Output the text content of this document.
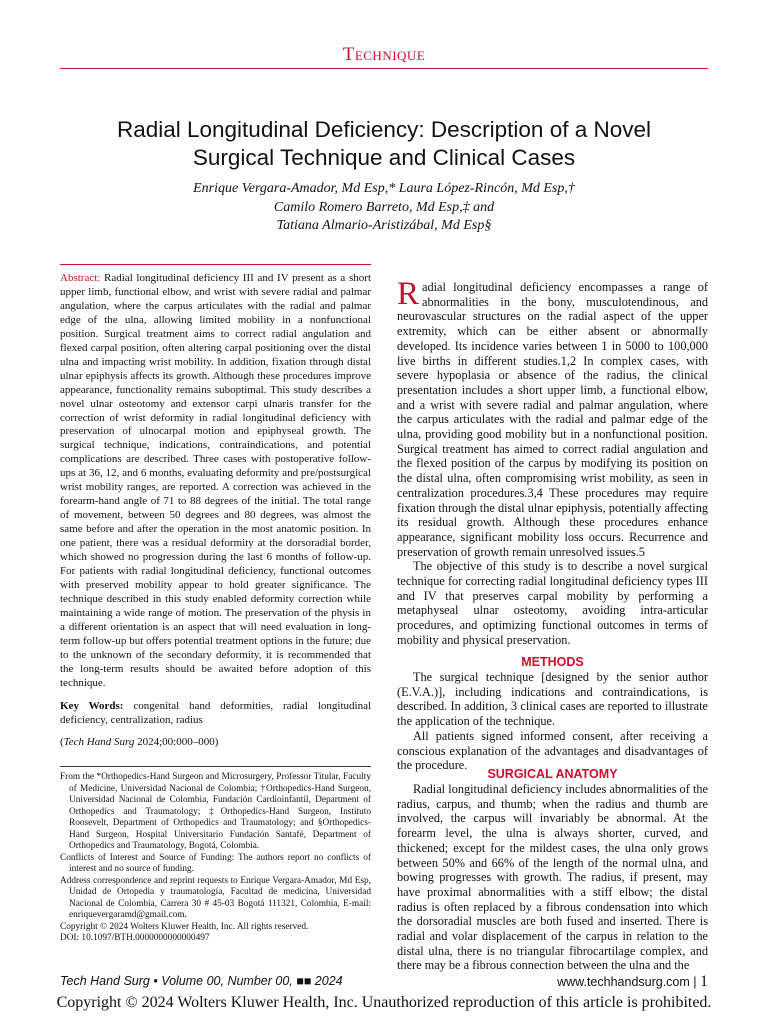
Technique
Radial Longitudinal Deficiency: Description of a Novel
Surgical Technique and Clinical Cases
Enrique Vergara-Amador, Md Esp,* Laura López-Rincón, Md Esp,†
Camilo Romero Barreto, Md Esp,‡ and
Tatiana Almario-Aristizábal, Md Esp§

Abstract: Radial longitudinal deficiency III and IV present as a short upper limb, functional elbow, and wrist with severe radial and palmar angulation, where the carpus articulates with the radial and palmar edge of the ulna, allowing limited mobility in a nonfunctional position. Surgical treatment aims to correct radial angulation and flexed carpal position, often altering carpal positioning over the distal ulna and impacting wrist mobility. In addition, fixation through distal ulnar epiphysis affects its growth. Although these procedures improve appearance, functionality remains suboptimal. This study describes a novel ulnar osteotomy and extensor carpi ulnaris transfer for the correction of wrist deformity in radial longitudinal deficiency with preservation of ulnocarpal motion and epiphyseal growth. The surgical technique, indications, contraindications, and potential complications are described. Three cases with postoperative follow-ups at 36, 12, and 6 months, evaluating deformity and pre/postsurgical wrist mobility ranges, are reported. A correction was achieved in the forearm-hand angle of 71 to 88 degrees of the initial. The total range of movement, between 50 degrees and 80 degrees, was almost the same before and after the operation in the most anatomic position. In one patient, there was a residual deformity at the dorsoradial border, which showed no progression during the last 6 months of follow-up. For patients with radial longitudinal deficiency, functional outcomes with preserved mobility appear to hold greater significance. The technique described in this study enabled deformity correction while maintaining a wide range of motion. The preservation of the physis in a different orientation is an aspect that will need evaluation in long-term follow-up but offers potential treatment options in the future; due to the unknown of the secondary deformity, it is recommended that the long-term results should be awaited before adoption of this technique.

Key Words: congenital hand deformities, radial longitudinal deficiency, centralization, radius

(Tech Hand Surg 2024;00:000–000)

From the *Orthopedics-Hand Surgeon and Microsurgery, Professor Titular, Faculty of Medicine, Universidad Nacional de Colombia; †Orthopedics-Hand Surgeon, Universidad Nacional de Colombia, Fundación Cardioinfantil, Department of Orthopedics and Traumatology; ‡Orthopedics-Hand Surgeon, Instituto Roosevelt, Department of Orthopedics and Traumatology; and §Orthopedics-Hand Surgeon, Hospital Universitario Fundación Santafé, Department of Orthopedics and Traumatology, Bogotá, Colombia.

Conflicts of Interest and Source of Funding: The authors report no conflicts of interest and no source of funding.

Address correspondence and reprint requests to Enrique Vergara-Amador, Md Esp, Unidad de Ortopedia y traumatología, Facultad de medicina, Universidad Nacional de Colombia, Carrera 30 # 45-03 Bogotá 111321, Colombia, E-mail: enriquevergaramd@gmail.com.

Copyright © 2024 Wolters Kluwer Health, Inc. All rights reserved.

DOI: 10.1097/BTH.0000000000000497

Radial longitudinal deficiency encompasses a range of abnormalities in the bony, musculotendinous, and neurovascular structures on the radial aspect of the upper extremity, which can be either absent or abnormally developed. Its incidence varies between 1 in 5000 to 100,000 live births in different studies.1,2 In complex cases, with severe hypoplasia or absence of the radius, the clinical presentation includes a short upper limb, a functional elbow, and a wrist with severe radial and palmar angulation, where the carpus articulates with the radial and palmar edge of the ulna, providing good mobility but in a nonfunctional position. Surgical treatment has aimed to correct radial angulation and the flexed position of the carpus by modifying its position on the distal ulna, often compromising wrist mobility, as seen in centralization procedures.3,4 These procedures may require fixation through the distal ulnar epiphysis, potentially affecting its residual growth. Although these procedures enhance appearance, significant mobility loss occurs. Recurrence and preservation of growth remain unresolved issues.5

The objective of this study is to describe a novel surgical technique for correcting radial longitudinal deficiency types III and IV that preserves carpal mobility by performing a metaphyseal ulnar osteotomy, avoiding intra-articular procedures, and optimizing functional outcomes in terms of mobility and physical preservation.

METHODS

The surgical technique [designed by the senior author (E.V.A.)], including indications and contraindications, is described. In addition, 3 clinical cases are reported to illustrate the application of the technique.

All patients signed informed consent, after receiving a conscious explanation of the advantages and disadvantages of the procedure.

SURGICAL ANATOMY

Radial longitudinal deficiency includes abnormalities of the radius, carpus, and thumb; when the radius and thumb are involved, the carpus will invariably be abnormal. At the forearm level, the ulna is always shorter, curved, and thickened; except for the mildest cases, the ulna only grows between 50% and 66% of the length of the normal ulna, and bowing progresses with growth. The radius, if present, may have proximal abnormalities with a stiff elbow; the distal radius is often replaced by a fibrous condensation into which the dorsoradial muscles are both fused and inserted. There is radial and volar displacement of the carpus in relation to the distal ulna, there is no triangular fibrocartilage complex, and there may be a fibrous connection between the ulna and the

Tech Hand Surg • Volume 00, Number 00, ■■ 2024	www.techhandsurg.com | 1
Copyright © 2024 Wolters Kluwer Health, Inc. Unauthorized reproduction of this article is prohibited.
